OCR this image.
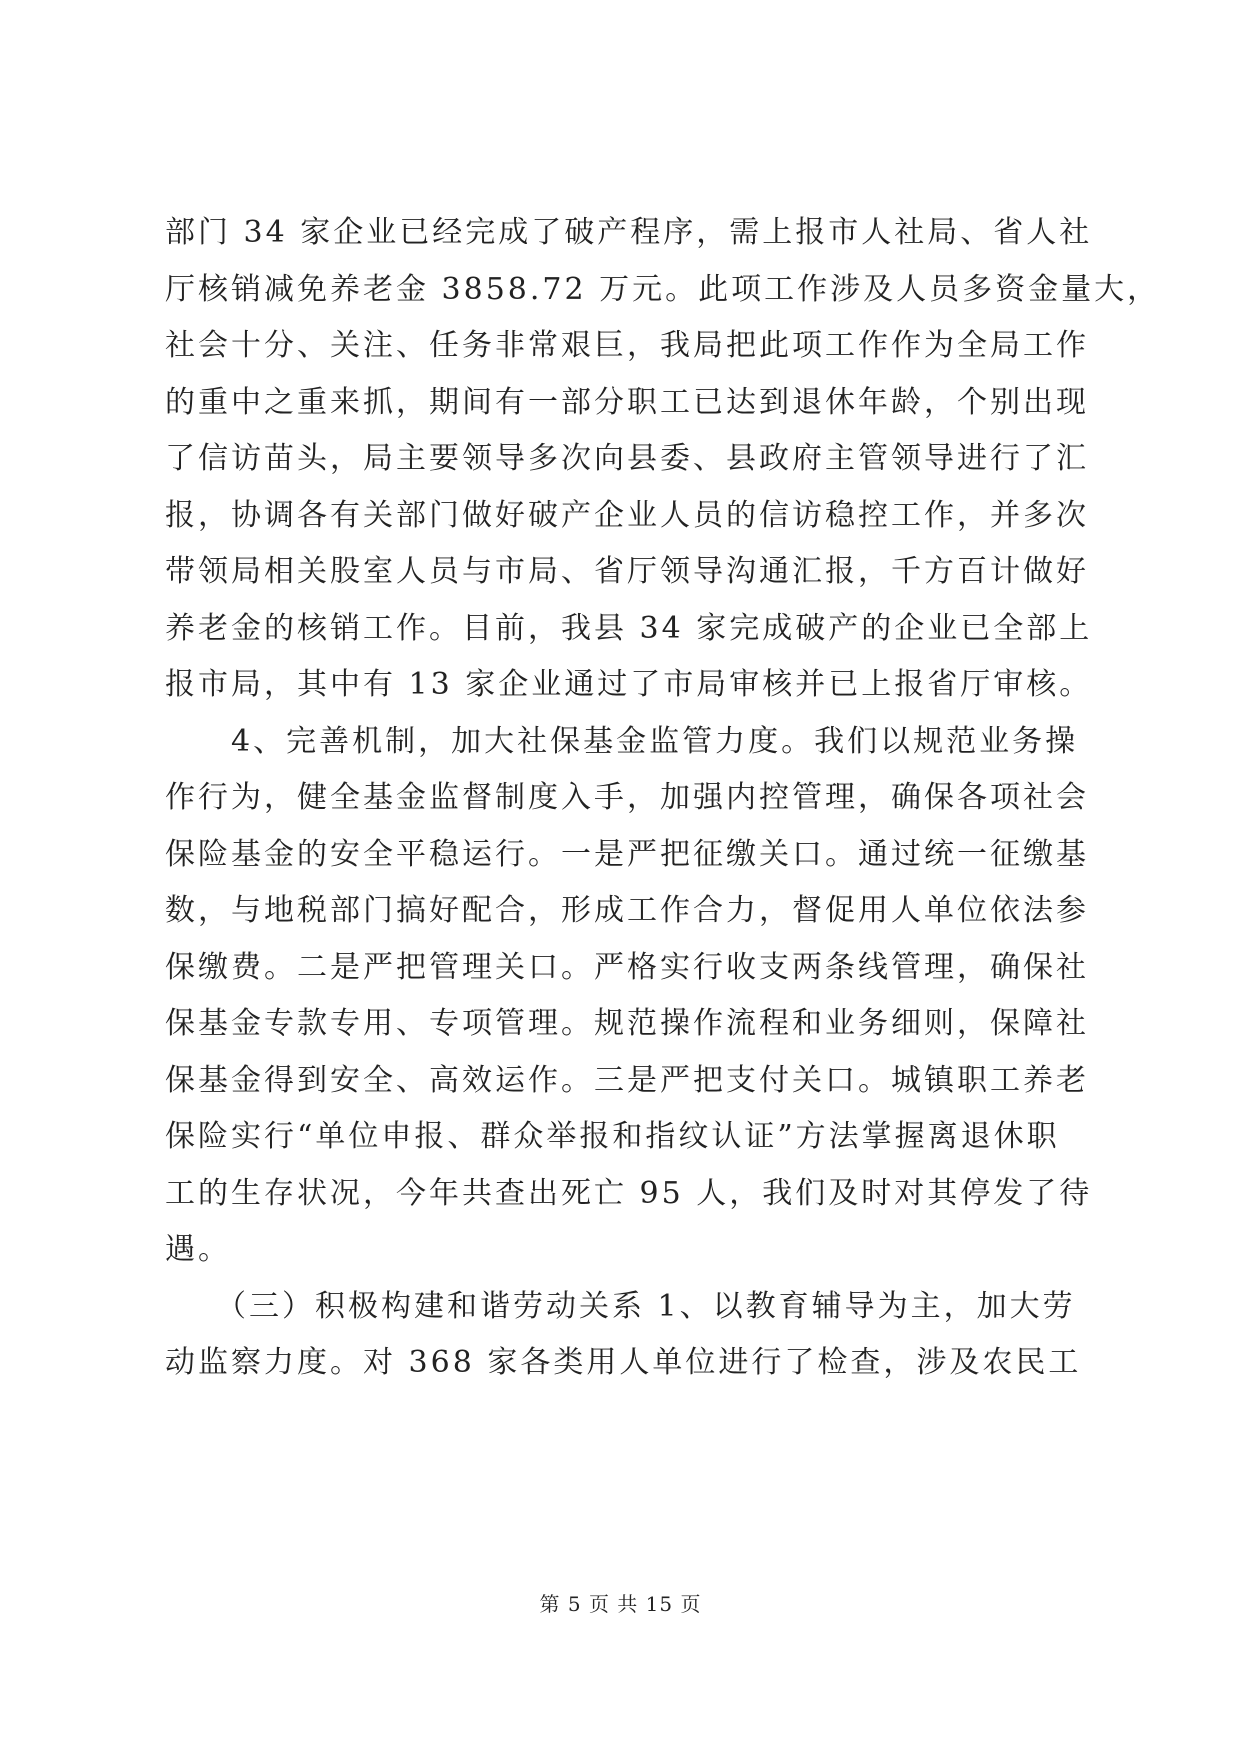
部门 34 家企业已经完成了破产程序，需上报市人社局、省人社
厅核销减免养老金 3858.72 万元。此项工作涉及人员多资金量大，
社会十分、关注、任务非常艰巨，我局把此项工作作为全局工作
的重中之重来抓，期间有一部分职工已达到退休年龄，个别出现
了信访苗头，局主要领导多次向县委、县政府主管领导进行了汇
报，协调各有关部门做好破产企业人员的信访稳控工作，并多次
带领局相关股室人员与市局、省厅领导沟通汇报，千方百计做好
养老金的核销工作。目前，我县 34 家完成破产的企业已全部上
报市局，其中有 13 家企业通过了市局审核并已上报省厅审核。
　　4、完善机制，加大社保基金监管力度。我们以规范业务操
作行为，健全基金监督制度入手，加强内控管理，确保各项社会
保险基金的安全平稳运行。一是严把征缴关口。通过统一征缴基
数，与地税部门搞好配合，形成工作合力，督促用人单位依法参
保缴费。二是严把管理关口。严格实行收支两条线管理，确保社
保基金专款专用、专项管理。规范操作流程和业务细则，保障社
保基金得到安全、高效运作。三是严把支付关口。城镇职工养老
保险实行“单位申报、群众举报和指纹认证”方法掌握离退休职
工的生存状况，今年共查出死亡 95 人，我们及时对其停发了待
遇。
　　（三）积极构建和谐劳动关系 1、以教育辅导为主，加大劳
动监察力度。对 368 家各类用人单位进行了检查，涉及农民工
第 5 页 共 15 页
